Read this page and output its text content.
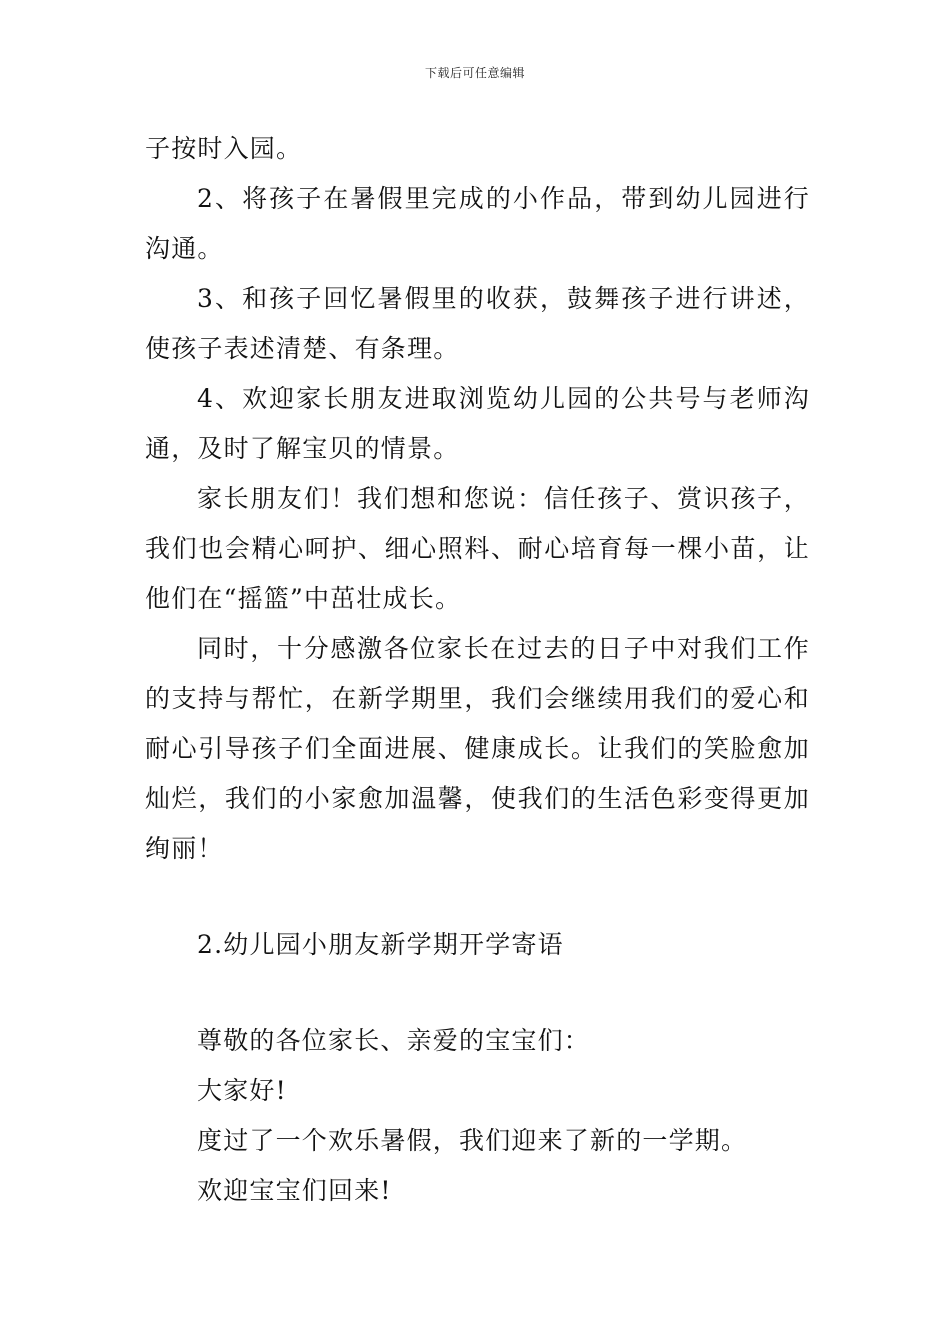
下载后可任意编辑

子按时入园。

2、将孩子在暑假里完成的小作品，带到幼儿园进行沟通。

3、和孩子回忆暑假里的收获，鼓舞孩子进行讲述，使孩子表述清楚、有条理。

4、欢迎家长朋友进取浏览幼儿园的公共号与老师沟通，及时了解宝贝的情景。

家长朋友们！我们想和您说：信任孩子、赏识孩子，我们也会精心呵护、细心照料、耐心培育每一棵小苗，让他们在“摇篮”中茁壮成长。

同时，十分感激各位家长在过去的日子中对我们工作的支持与帮忙，在新学期里，我们会继续用我们的爱心和耐心引导孩子们全面进展、健康成长。让我们的笑脸愈加灿烂，我们的小家愈加温馨，使我们的生活色彩变得更加绚丽！

2.幼儿园小朋友新学期开学寄语

尊敬的各位家长、亲爱的宝宝们：

大家好!

度过了一个欢乐暑假，我们迎来了新的一学期。

欢迎宝宝们回来!
